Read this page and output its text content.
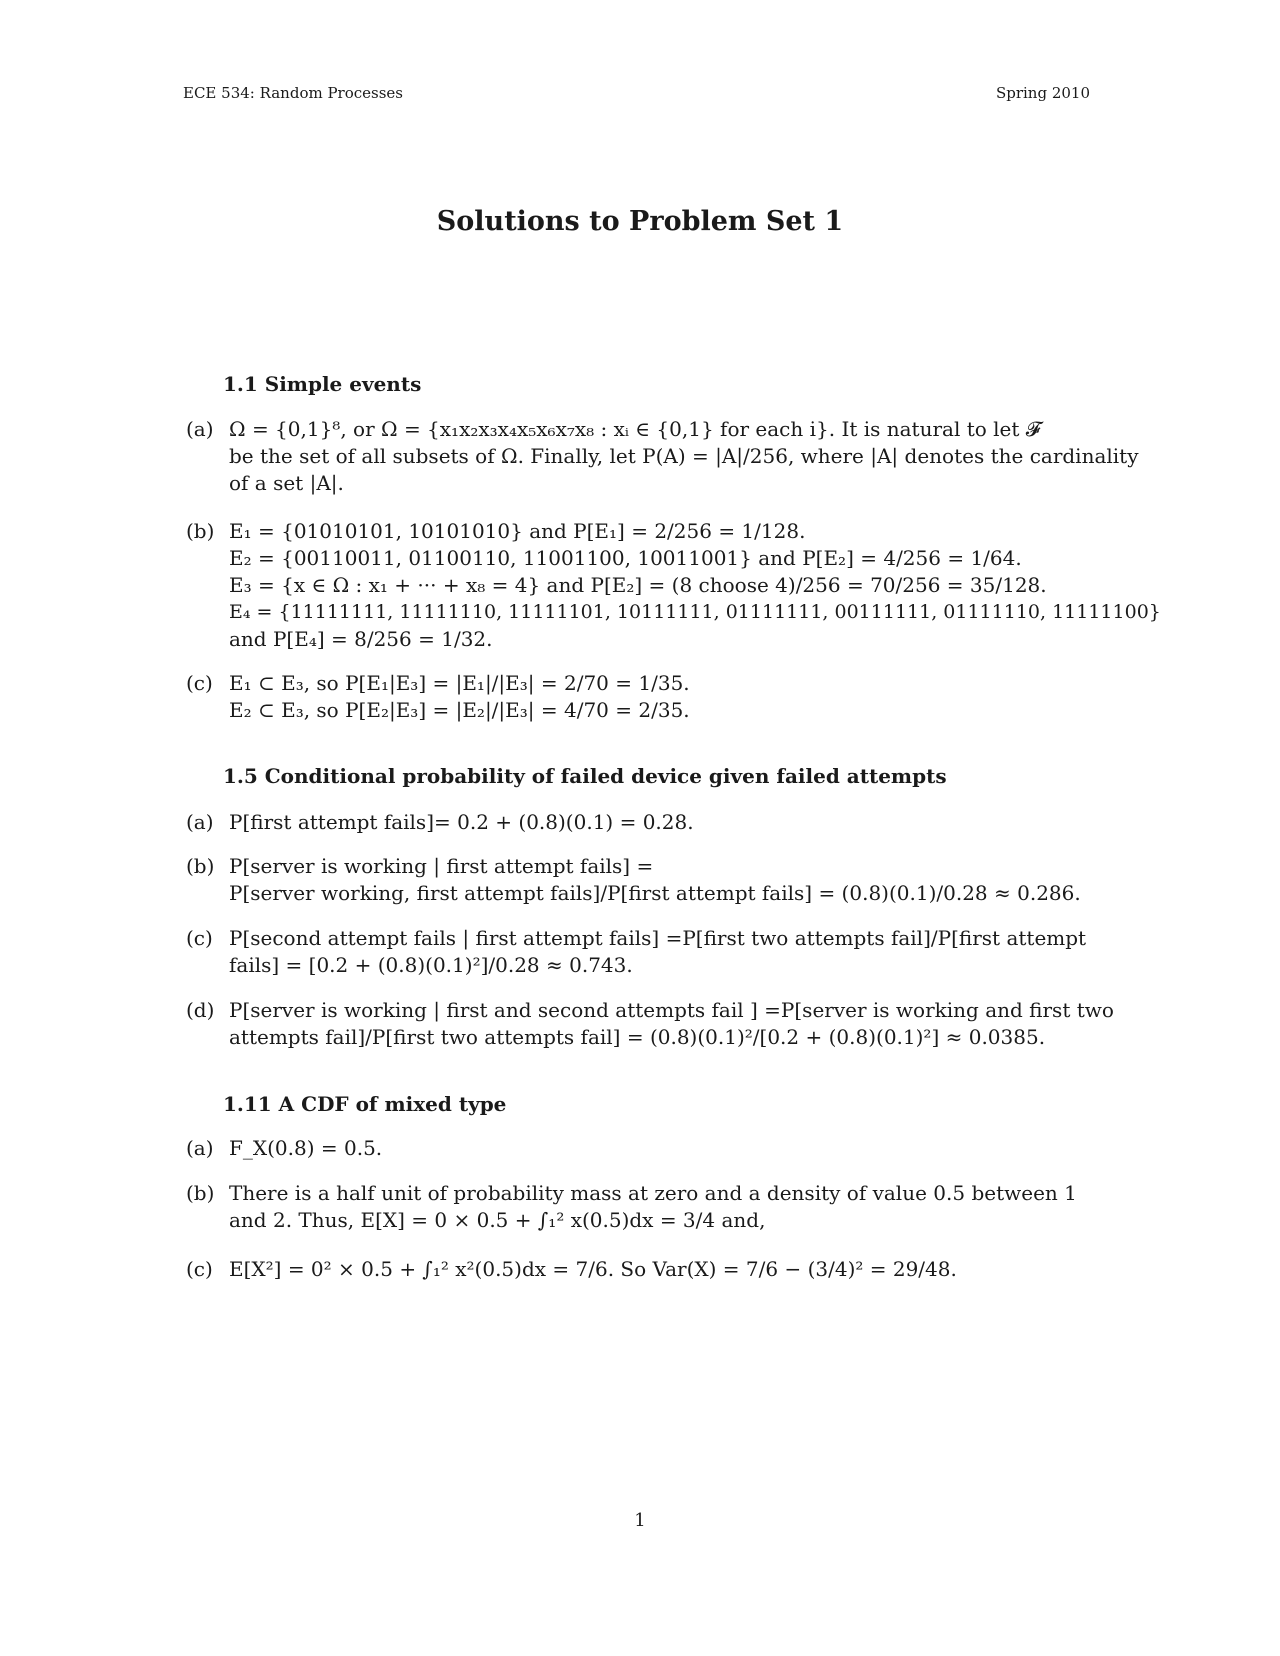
ECE 534: Random Processes	Spring 2010
Solutions to Problem Set 1
1.1 Simple events
(a) Ω = {0,1}⁸, or Ω = {x₁x₂x₃x₄x₅x₆x₇x₈ : xᵢ ∈ {0,1} for each i}. It is natural to let 𝓕
be the set of all subsets of Ω. Finally, let P(A) = |A|/256, where |A| denotes the cardinality
of a set |A|.
(b) E₁ = {01010101, 10101010} and P[E₁] = 2/256 = 1/128.
E₂ = {00110011, 01100110, 11001100, 10011001} and P[E₂] = 4/256 = 1/64.
E₃ = {x ∈ Ω : x₁ + ··· + x₈ = 4} and P[E₂] = (8 choose 4)/256 = 70/256 = 35/128.
E₄ = {11111111, 11111110, 11111101, 10111111, 01111111, 00111111, 01111110, 11111100}
and P[E₄] = 8/256 = 1/32.
(c) E₁ ⊂ E₃, so P[E₁|E₃] = |E₁|/|E₃| = 2/70 = 1/35.
E₂ ⊂ E₃, so P[E₂|E₃] = |E₂|/|E₃| = 4/70 = 2/35.
1.5 Conditional probability of failed device given failed attempts
(a) P[first attempt fails]= 0.2 + (0.8)(0.1) = 0.28.
(b) P[server is working | first attempt fails] =
P[server working, first attempt fails]/P[first attempt fails] = (0.8)(0.1)/0.28 ≈ 0.286.
(c) P[second attempt fails | first attempt fails] =P[first two attempts fail]/P[first attempt
fails] = [0.2 + (0.8)(0.1)²]/0.28 ≈ 0.743.
(d) P[server is working | first and second attempts fail ] =P[server is working and first two
attempts fail]/P[first two attempts fail] = (0.8)(0.1)²/[0.2 + (0.8)(0.1)²] ≈ 0.0385.
1.11 A CDF of mixed type
(a) F_X(0.8) = 0.5.
(b) There is a half unit of probability mass at zero and a density of value 0.5 between 1
and 2. Thus, E[X] = 0 × 0.5 + ∫₁² x(0.5)dx = 3/4 and,
(c) E[X²] = 0² × 0.5 + ∫₁² x²(0.5)dx = 7/6. So Var(X) = 7/6 − (3/4)² = 29/48.
1
